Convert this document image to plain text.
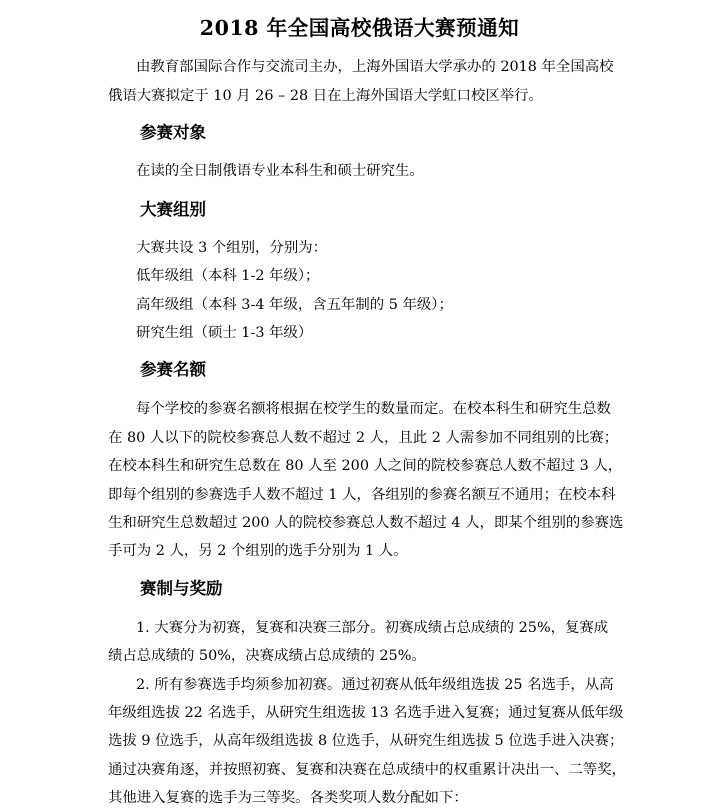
2018 年全国高校俄语大赛预通知
由教育部国际合作与交流司主办，上海外国语大学承办的 2018 年全国高校
俄语大赛拟定于 10 月 26 – 28 日在上海外国语大学虹口校区举行。
参赛对象
在读的全日制俄语专业本科生和硕士研究生。
大赛组别
大赛共设 3 个组别，分别为：
低年级组（本科 1-2 年级）；
高年级组（本科 3-4 年级，含五年制的 5 年级）；
研究生组（硕士 1-3 年级）
参赛名额
每个学校的参赛名额将根据在校学生的数量而定。在校本科生和研究生总数
在 80 人以下的院校参赛总人数不超过 2 人，且此 2 人需参加不同组别的比赛；
在校本科生和研究生总数在 80 人至 200 人之间的院校参赛总人数不超过 3 人，
即每个组别的参赛选手人数不超过 1 人，各组别的参赛名额互不通用；在校本科
生和研究生总数超过 200 人的院校参赛总人数不超过 4 人，即某个组别的参赛选
手可为 2 人，另 2 个组别的选手分别为 1 人。
赛制与奖励
1. 大赛分为初赛，复赛和决赛三部分。初赛成绩占总成绩的 25%，复赛成
绩占总成绩的 50%，决赛成绩占总成绩的 25%。
2. 所有参赛选手均须参加初赛。通过初赛从低年级组选拔 25 名选手，从高
年级组选拔 22 名选手，从研究生组选拔 13 名选手进入复赛；通过复赛从低年级
选拔 9 位选手，从高年级组选拔 8 位选手，从研究生组选拔 5 位选手进入决赛；
通过决赛角逐，并按照初赛、复赛和决赛在总成绩中的权重累计决出一、二等奖，
其他进入复赛的选手为三等奖。各类奖项人数分配如下：
